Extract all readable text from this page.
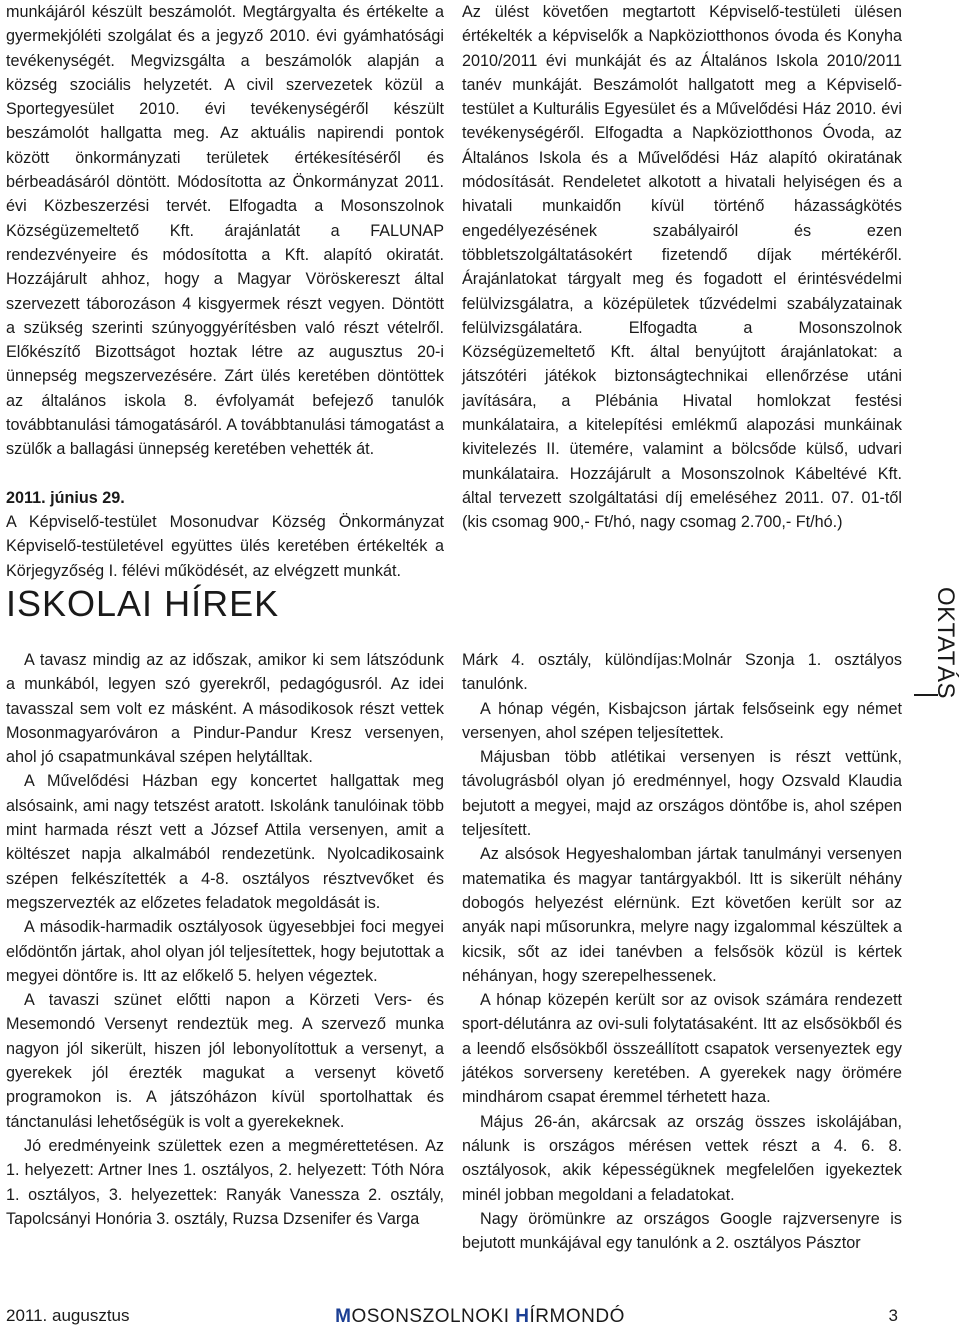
munkájáról készült beszámolót. Megtárgyalta és értékelte a gyermekjóléti szolgálat és a jegyző 2010. évi gyámhatósági tevékenységét. Megvizsgálta a beszámolók alapján a község szociális helyzetét. A civil szervezetek közül a Sportegyesület 2010. évi tevékenységéről készült beszámolót hallgatta meg. Az aktuális napirendi pontok között önkormányzati területek értékesítéséről és bérbeadásáról döntött. Módosította az Önkormányzat 2011. évi Közbeszerzési tervét. Elfogadta a Mosonszolnok Községüzemeltető Kft. árajánlatát a FALUNAP rendezvényeire és módosította a Kft. alapító okiratát. Hozzájárult ahhoz, hogy a Magyar Vöröskereszt által szervezett táborozáson 4 kisgyermek részt vegyen. Döntött a szükség szerinti szúnyoggyérítésben való részt vételről. Előkészítő Bizottságot hoztak létre az augusztus 20-i ünnepség megszervezésére. Zárt ülés keretében döntöttek az általános iskola 8. évfolyamát befejező tanulók továbbtanulási támogatásáról. A továbbtanulási támogatást a szülők a ballagási ünnepség keretében vehették át.

2011. június 29.

A Képviselő-testület Mosonudvar Község Önkormányzat Képviselő-testületével együttes ülés keretében értékelték a Körjegyzőség I. félévi működését, az elvégzett munkát.

Az ülést követően megtartott Képviselő-testületi ülésen értékelték a képviselők a Napköziotthonos óvoda és Konyha 2010/2011 évi munkáját és az Általános Iskola 2010/2011 tanév munkáját. Beszámolót hallgatott meg a Képviselő-testület a Kulturális Egyesület és a Művelődési Ház 2010. évi tevékenységéről. Elfogadta a Napköziotthonos Óvoda, az Általános Iskola és a Művelődési Ház alapító okiratának módosítását. Rendeletet alkotott a hivatali helyiségen és a hivatali munkaidőn kívül történő házasságkötés engedélyezésének szabályairól és ezen többletszolgáltatásokért fizetendő díjak mértékéről. Árajánlatokat tárgyalt meg és fogadott el érintésvédelmi felülvizsgálatra, a középületek tűzvédelmi szabályzatainak felülvizsgálatára. Elfogadta a Mosonszolnok Községüzemeltető Kft. által benyújtott árajánlatokat: a játszótéri játékok biztonságtechnikai ellenőrzése utáni javítására, a Plébánia Hivatal homlokzat festési munkálataira, a kitelepítési emlékmű alapozási munkáinak kivitelezés II. ütemére, valamint a bölcsőde külső, udvari munkálataira. Hozzájárult a Mosonszolnok Kábeltévé Kft. által tervezett szolgáltatási díj emeléséhez 2011. 07. 01-től (kis csomag 900,- Ft/hó, nagy csomag 2.700,- Ft/hó.)

ISKOLAI HÍREK	OKTATÁS

A tavasz mindig az az időszak, amikor ki sem látszódunk a munkából, legyen szó gyerekről, pedagógusról. Az idei tavasszal sem volt ez másként. A másodikosok részt vettek Mosonmagyaróváron a Pindur-Pandur Kresz versenyen, ahol jó csapatmunkával szépen helytálltak.

A Művelődési Házban egy koncertet hallgattak meg alsósaink, ami nagy tetszést aratott. Iskolánk tanulóinak több mint harmada részt vett a József Attila versenyen, amit a költészet napja alkalmából rendezetünk. Nyolcadikosaink szépen felkészítették a 4-8. osztályos résztvevőket és megszervezték az előzetes feladatok megoldását is.

A második-harmadik osztályosok ügyesebbjei foci megyei elődöntőn jártak, ahol olyan jól teljesítettek, hogy bejutottak a megyei döntőre is. Itt az előkelő 5. helyen végeztek.

A tavaszi szünet előtti napon a Körzeti Vers- és Mesemondó Versenyt rendeztük meg. A szervező munka nagyon jól sikerült, hiszen jól lebonyolítottuk a versenyt, a gyerekek jól érezték magukat a versenyt követő programokon is. A játszóházon kívül sportolhattak és tánctanulási lehetőségük is volt a gyerekeknek.

Jó eredményeink születtek ezen a megmérettetésen. Az 1. helyezett: Artner Ines 1. osztályos, 2. helyezett: Tóth Nóra 1. osztályos, 3. helyezettek: Ranyák Vanessza 2. osztály, Tapolcsányi Honória 3. osztály, Ruzsa Dzsenifer és Varga

Márk 4. osztály, különdíjas:Molnár Szonja 1. osztályos tanulónk.

A hónap végén, Kisbajcson jártak felsőseink egy német versenyen, ahol szépen teljesítettek.

Májusban több atlétikai versenyen is részt vettünk, távolugrásból olyan jó eredménnyel, hogy Ozsvald Klaudia bejutott a megyei, majd az országos döntőbe is, ahol szépen teljesített.

Az alsósok Hegyeshalomban jártak tanulmányi versenyen matematika és magyar tantárgyakból. Itt is sikerült néhány dobogós helyezést elérnünk. Ezt követően került sor az anyák napi műsorunkra, melyre nagy izgalommal készültek a kicsik, sőt az idei tanévben a felsősök közül is kértek néhányan, hogy szerepelhessenek.

A hónap közepén került sor az ovisok számára rendezett sport-délutánra az ovi-suli folytatásaként. Itt az elsősökből és a leendő elsősökből összeállított csapatok versenyeztek egy játékos sorverseny keretében. A gyerekek nagy örömére mindhárom csapat éremmel térhetett haza.

Május 26-án, akárcsak az ország összes iskolájában, nálunk is országos mérésen vettek részt a 4. 6. 8. osztályosok, akik képességüknek megfelelően igyekeztek minél jobban megoldani a feladatokat.

Nagy örömünkre az országos Google rajzversenyre is bejutott munkájával egy tanulónk a 2. osztályos Pásztor

2011. augusztus	MOSONSZOLNOKI HÍRMONDÓ	3
